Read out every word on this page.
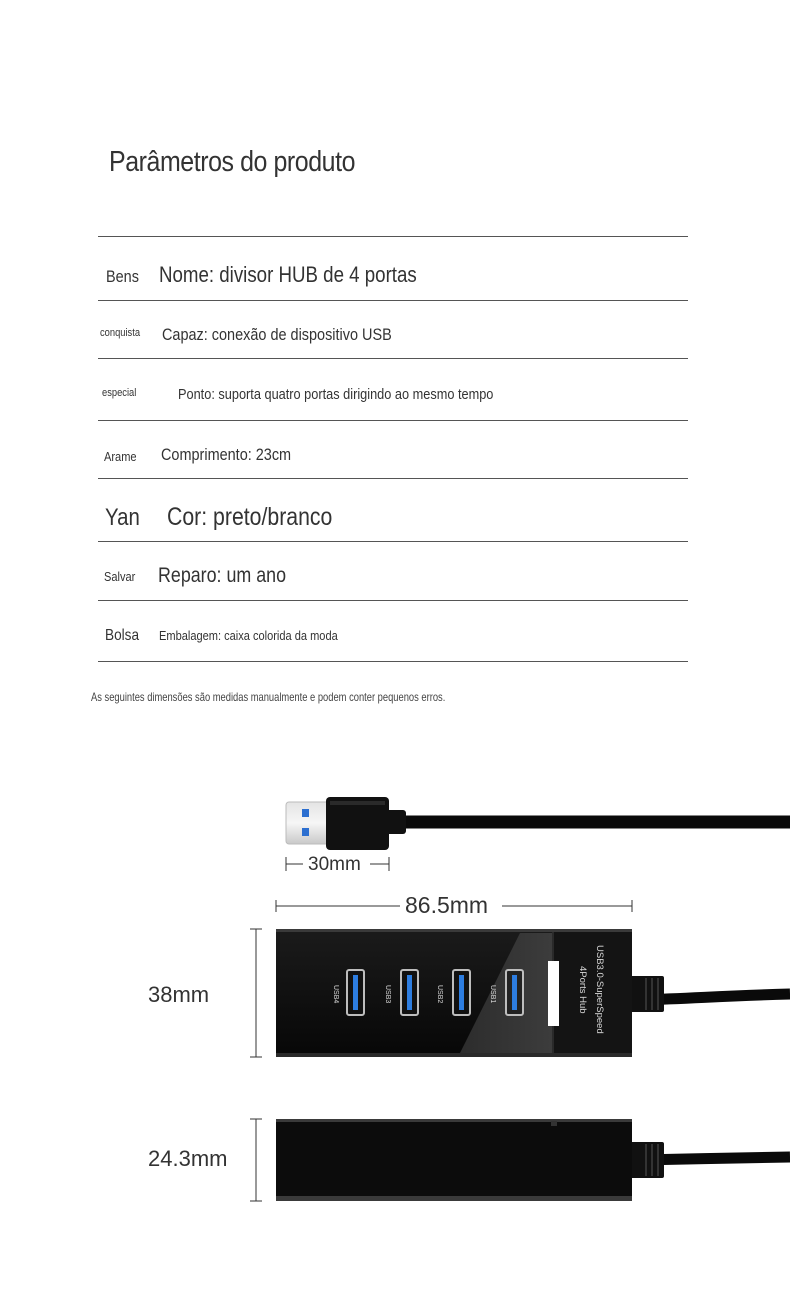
Parâmetros do produto
Bens Nome: divisor HUB de 4 portas
conquista Capaz: conexão de dispositivo USB
especial	Ponto: suporta quatro portas dirigindo ao mesmo tempo
Arame Comprimento: 23cm
Yan Cor: preto/branco
Salvar Reparo: um ano
Bolsa Embalagem: caixa colorida da moda
As seguintes dimensões são medidas manualmente e podem conter pequenos erros.
USB4	USB3	USB2	USB1	USB3.0-SuperSpeed
4Ports Hub
30mm
86.5mm
38mm
24.3mm
